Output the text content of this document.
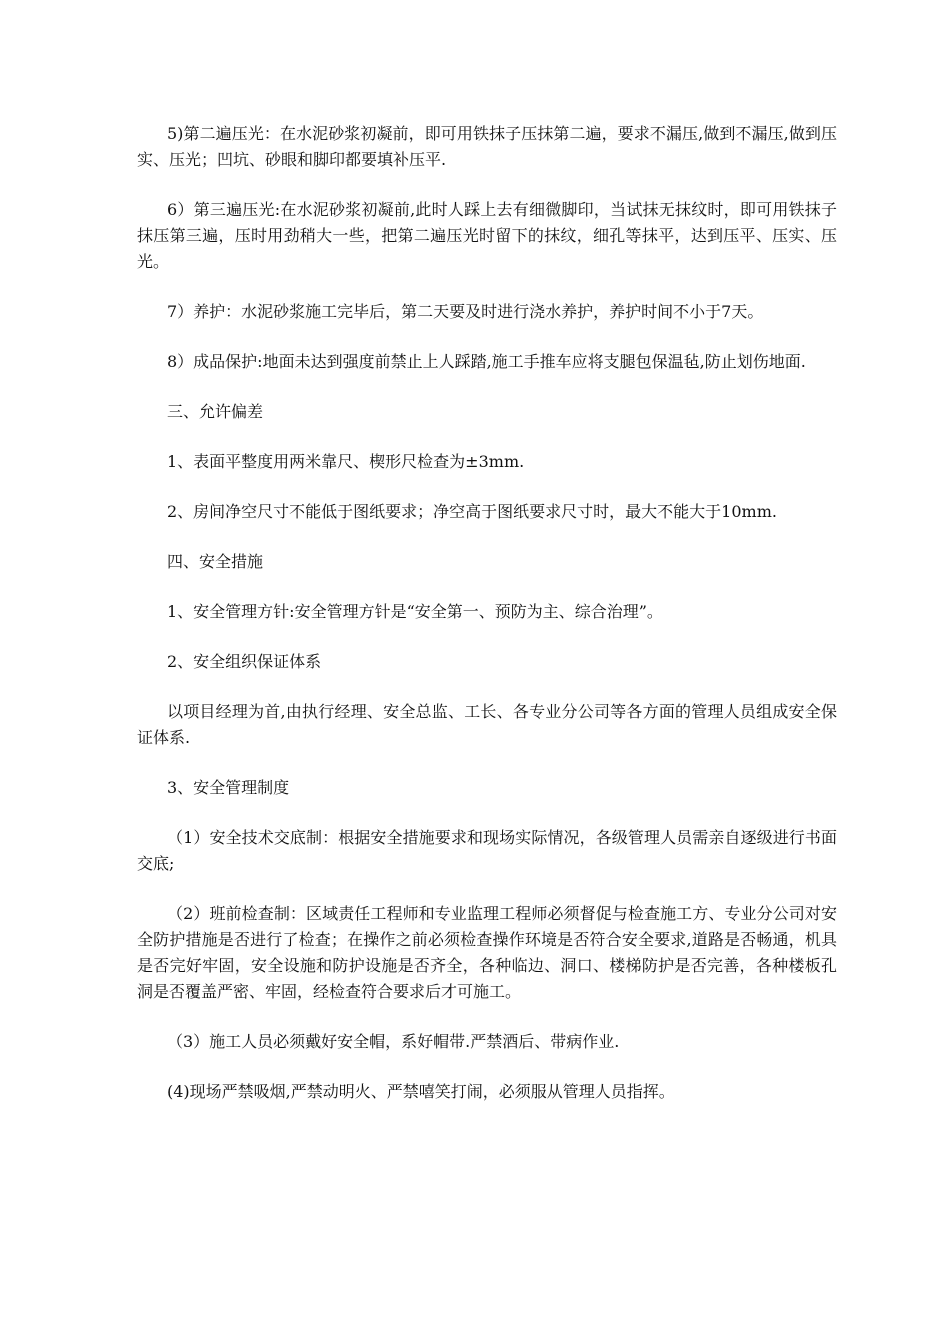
5)第二遍压光：在水泥砂浆初凝前，即可用铁抹子压抹第二遍，要求不漏压,做到不漏压,做到压实、压光；凹坑、砂眼和脚印都要填补压平.

6）第三遍压光:在水泥砂浆初凝前,此时人踩上去有细微脚印，当试抹无抹纹时，即可用铁抹子抹压第三遍，压时用劲稍大一些，把第二遍压光时留下的抹纹，细孔等抹平，达到压平、压实、压光。

7）养护：水泥砂浆施工完毕后，第二天要及时进行浇水养护，养护时间不小于7天。

8）成品保护:地面未达到强度前禁止上人踩踏,施工手推车应将支腿包保温毡,防止划伤地面.

三、允许偏差

1、表面平整度用两米靠尺、楔形尺检查为±3mm.

2、房间净空尺寸不能低于图纸要求；净空高于图纸要求尺寸时，最大不能大于10mm.

四、安全措施

1、安全管理方针:安全管理方针是“安全第一、预防为主、综合治理”。

2、安全组织保证体系

以项目经理为首,由执行经理、安全总监、工长、各专业分公司等各方面的管理人员组成安全保证体系.

3、安全管理制度

（1）安全技术交底制：根据安全措施要求和现场实际情况，各级管理人员需亲自逐级进行书面交底;

（2）班前检查制：区域责任工程师和专业监理工程师必须督促与检查施工方、专业分公司对安全防护措施是否进行了检查；在操作之前必须检查操作环境是否符合安全要求,道路是否畅通，机具是否完好牢固，安全设施和防护设施是否齐全，各种临边、洞口、楼梯防护是否完善，各种楼板孔洞是否覆盖严密、牢固，经检查符合要求后才可施工。

（3）施工人员必须戴好安全帽，系好帽带.严禁酒后、带病作业.

(4)现场严禁吸烟,严禁动明火、严禁嘻笑打闹，必须服从管理人员指挥。
